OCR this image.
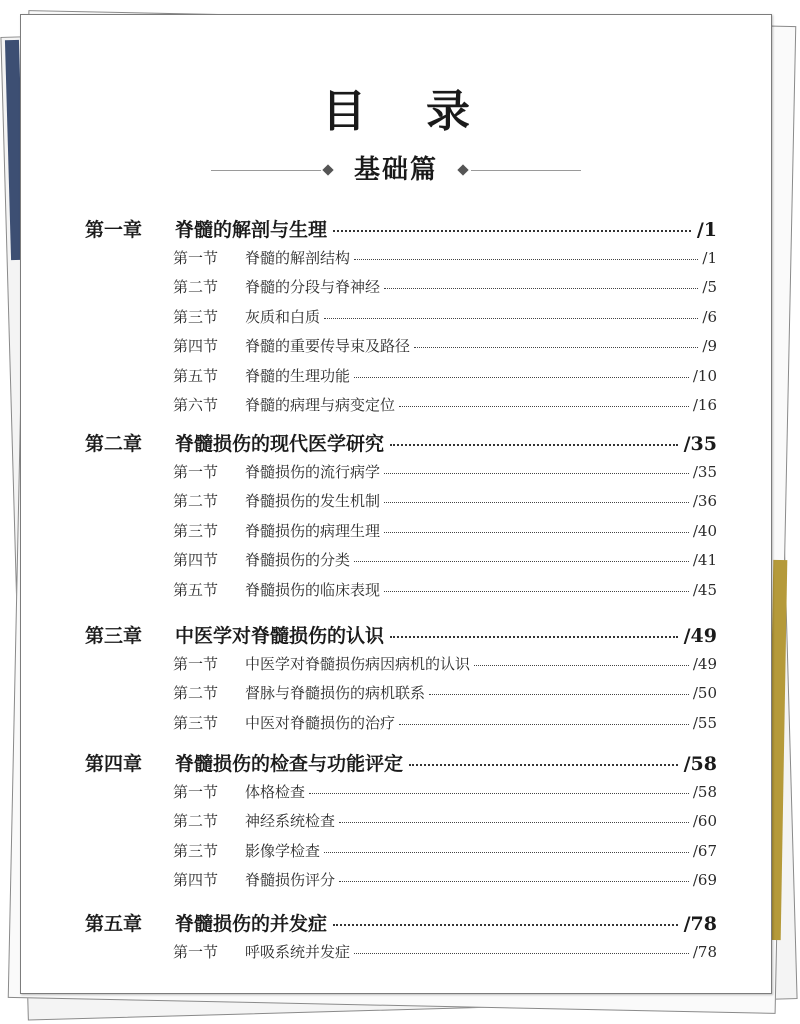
目 录
基础篇
第一章	脊髓的解剖与生理	/1
第一节	脊髓的解剖结构	/1
第二节	脊髓的分段与脊神经	/5
第三节	灰质和白质	/6
第四节	脊髓的重要传导束及路径	/9
第五节	脊髓的生理功能	/10
第六节	脊髓的病理与病变定位	/16
第二章	脊髓损伤的现代医学研究	/35
第一节	脊髓损伤的流行病学	/35
第二节	脊髓损伤的发生机制	/36
第三节	脊髓损伤的病理生理	/40
第四节	脊髓损伤的分类	/41
第五节	脊髓损伤的临床表现	/45
第三章	中医学对脊髓损伤的认识	/49
第一节	中医学对脊髓损伤病因病机的认识	/49
第二节	督脉与脊髓损伤的病机联系	/50
第三节	中医对脊髓损伤的治疗	/55
第四章	脊髓损伤的检查与功能评定	/58
第一节	体格检查	/58
第二节	神经系统检查	/60
第三节	影像学检查	/67
第四节	脊髓损伤评分	/69
第五章	脊髓损伤的并发症	/78
第一节	呼吸系统并发症	/78
